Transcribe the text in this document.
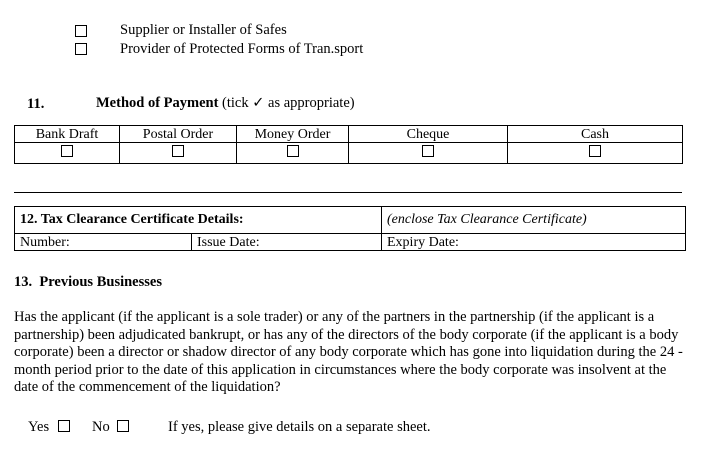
Supplier or Installer of Safes
Provider of Protected Forms of Tran.sport
11.	Method of Payment (tick ✓ as appropriate)
Bank Draft	Postal Order	Money Order	Cheque	Cash

12. Tax Clearance Certificate Details:		(enclose Tax Clearance Certificate)
Number:	Issue Date:	Expiry Date:
13.  Previous Businesses
Has the applicant (if the applicant is a sole trader) or any of the partners in the partnership (if the applicant is a partnership) been adjudicated bankrupt, or has any of the directors of the body corporate (if the applicant is a body corporate) been a director or shadow director of any body corporate which has gone into liquidation during the 24 - month period prior to the date of this application in circumstances where the body corporate was insolvent at the date of the commencement of the liquidation?
Yes	No	If yes, please give details on a separate sheet.
